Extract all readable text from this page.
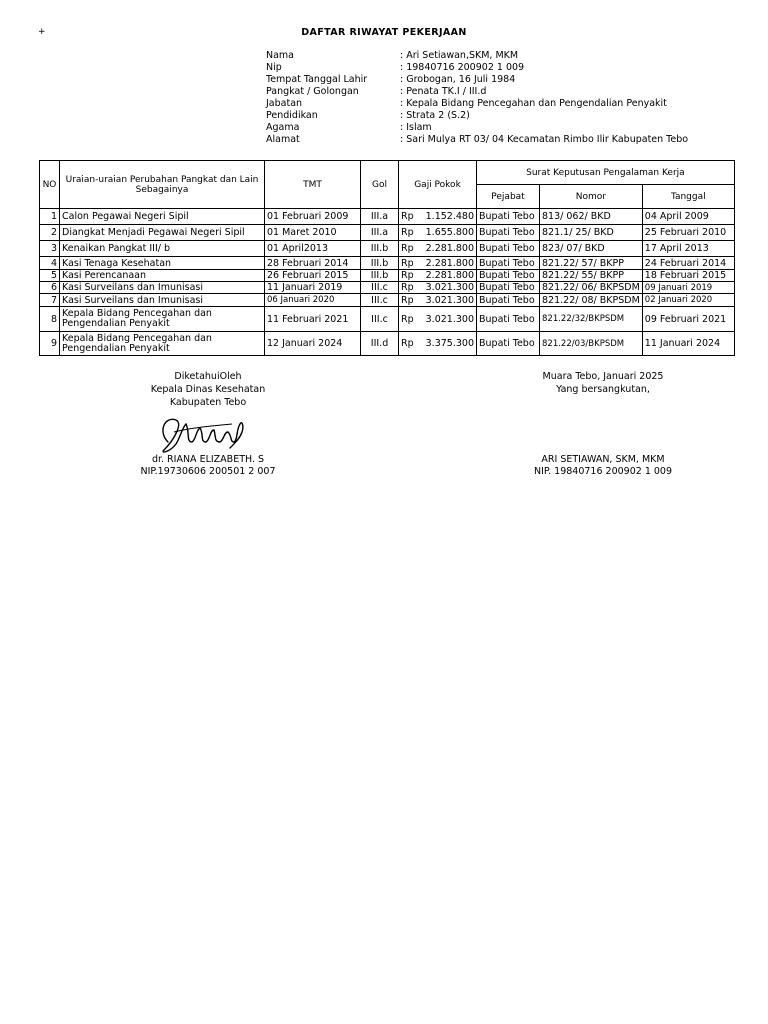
+	DAFTAR RIWAYAT PEKERJAAN
Nama	: Ari Setiawan,SKM, MKM
Nip	: 19840716 200902 1 009
Tempat Tanggal Lahir	: Grobogan, 16 Juli 1984
Pangkat / Golongan	: Penata TK.I / III.d
Jabatan	: Kepala Bidang Pencegahan dan Pengendalian Penyakit
Pendidikan	: Strata 2 (S.2)
Agama	: Islam
Alamat	: Sari Mulya RT 03/ 04 Kecamatan Rimbo Ilir Kabupaten Tebo
NO	Uraian-uraian Perubahan Pangkat dan Lain Sebagainya	TMT	Gol	Gaji Pokok	Surat Keputusan Pengalaman Kerja		
					Pejabat	Nomor	Tanggal
1	Calon Pegawai Negeri Sipil	01 Februari 2009	III.a	Rp 1.152.480	Bupati Tebo	813/ 062/ BKD	04 April 2009
2	Diangkat Menjadi Pegawai Negeri Sipil	01 Maret 2010	III.a	Rp 1.655.800	Bupati Tebo	821.1/ 25/ BKD	25 Februari 2010
3	Kenaikan Pangkat III/ b	01 April2013	III.b	Rp 2.281.800	Bupati Tebo	823/ 07/ BKD	17 April 2013
4	Kasi Tenaga Kesehatan	28 Februari 2014	III.b	Rp 2.281.800	Bupati Tebo	821.22/ 57/ BKPP	24 Februari 2014
5	Kasi Perencanaan	26 Februari 2015	III.b	Rp 2.281.800	Bupati Tebo	821.22/ 55/ BKPP	18 Februari 2015
6	Kasi Surveilans dan Imunisasi	11 Januari 2019	III.c	Rp 3.021.300	Bupati Tebo	821.22/ 06/ BKPSDM	09 Januari 2019
7	Kasi Surveilans dan Imunisasi	06 Januari 2020	III.c	Rp 3.021.300	Bupati Tebo	821.22/ 08/ BKPSDM	02 Januari 2020
8	Kepala Bidang Pencegahan dan Pengendalian Penyakit	11 Februari 2021	III.c	Rp 3.021.300	Bupati Tebo	821.22/32/BKPSDM	09 Februari 2021
9	Kepala Bidang Pencegahan dan Pengendalian Penyakit	12 Januari 2024	III.d	Rp 3.375.300	Bupati Tebo	821.22/03/BKPSDM	11 Januari 2024
DiketahuiOleh
Kepala Dinas Kesehatan
Kabupaten Tebo
Muara Tebo, Januari 2025
Yang bersangkutan,
dr. RIANA ELIZABETH. S
NIP.19730606 200501 2 007
ARI SETIAWAN, SKM, MKM
NIP. 19840716 200902 1 009
